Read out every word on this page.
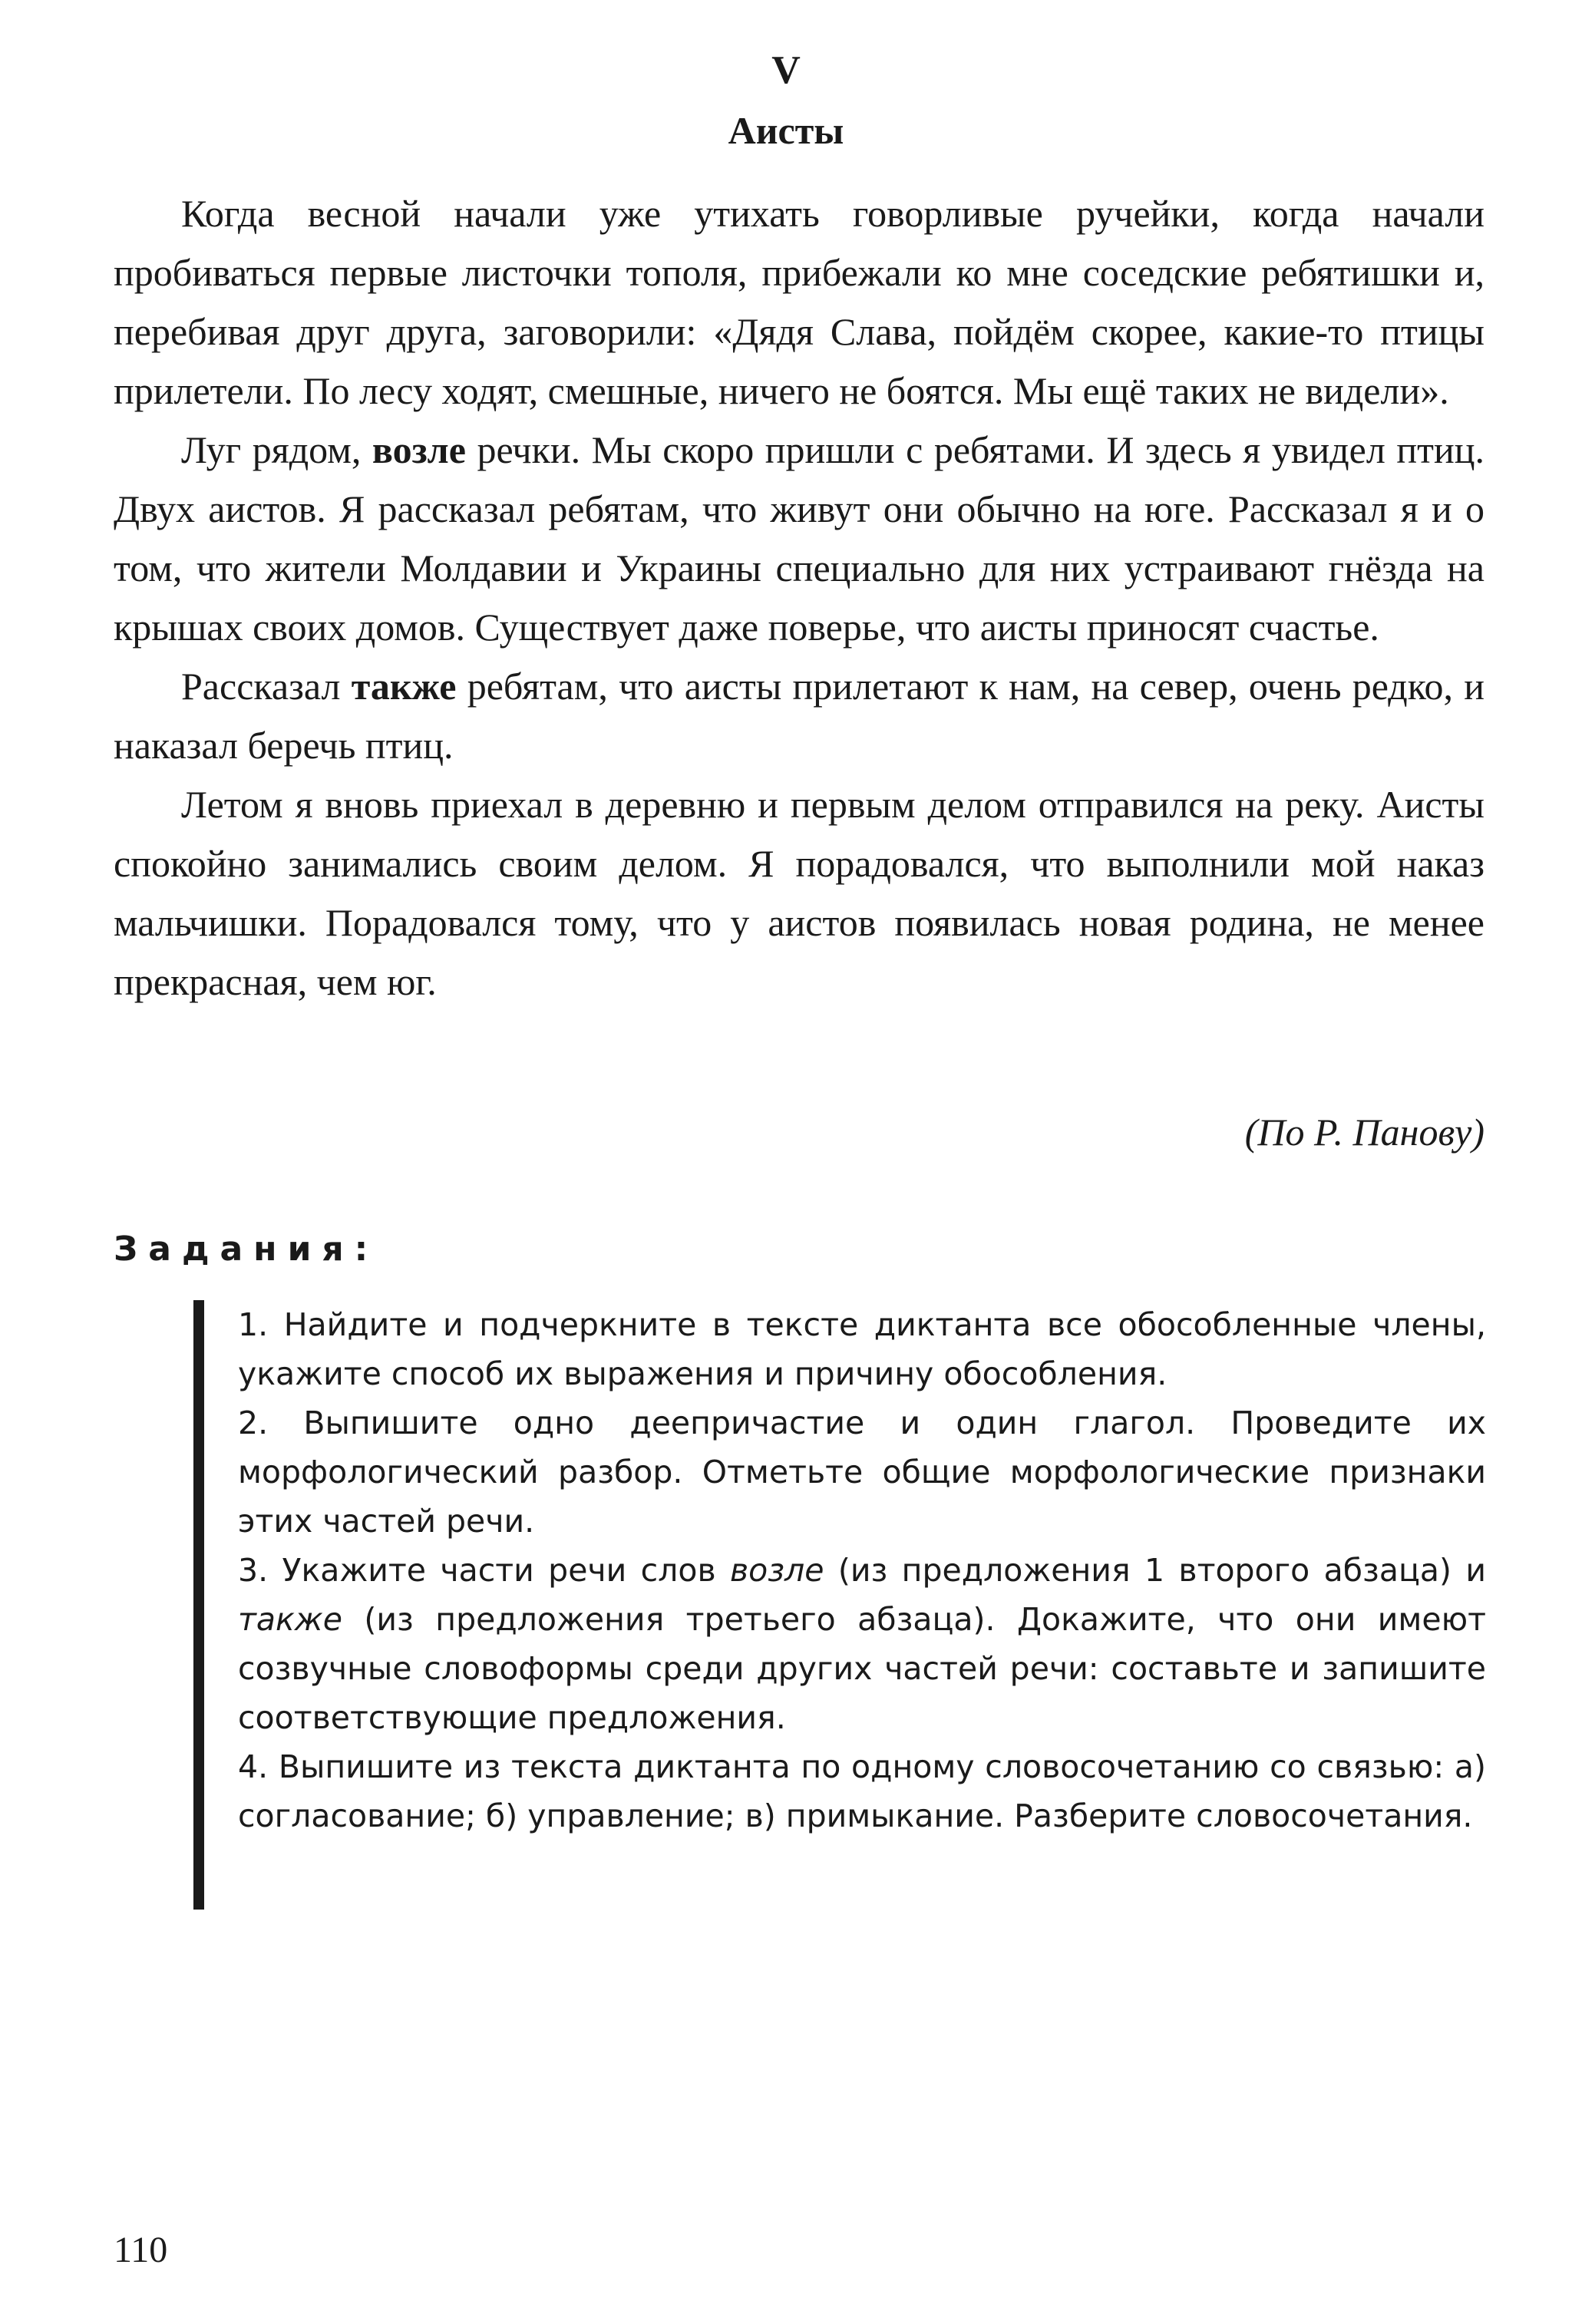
V
Аисты

Когда весной начали уже утихать говорливые ручейки, когда начали пробиваться первые листочки тополя, прибежали ко мне соседские ребятишки и, перебивая друг друга, заговорили: «Дядя Слава, пойдём скорее, какие-то птицы прилетели. По лесу ходят, смешные, ничего не боятся. Мы ещё таких не видели».

Луг рядом, возле речки. Мы скоро пришли с ребятами. И здесь я увидел птиц. Двух аистов. Я рассказал ребятам, что живут они обычно на юге. Рассказал я и о том, что жители Молдавии и Украины специально для них устраивают гнёзда на крышах своих домов. Существует даже поверье, что аисты приносят счастье.

Рассказал также ребятам, что аисты прилетают к нам, на север, очень редко, и наказал беречь птиц.

Летом я вновь приехал в деревню и первым делом отправился на реку. Аисты спокойно занимались своим делом. Я порадовался, что выполнили мой наказ мальчишки. Порадовался тому, что у аистов появилась новая родина, не менее прекрасная, чем юг.

(По Р. Панову)
Задания:

1. Найдите и подчеркните в тексте диктанта все обособленные члены, укажите способ их выражения и причину обособления.

2. Выпишите одно деепричастие и один глагол. Проведите их морфологический разбор. Отметьте общие морфологические признаки этих частей речи.

3. Укажите части речи слов возле (из предложения 1 второго абзаца) и также (из предложения третьего абзаца). Докажите, что они имеют созвучные словоформы среди других частей речи: составьте и запишите соответствующие предложения.

4. Выпишите из текста диктанта по одному словосочетанию со связью: а) согласование; б) управление; в) примыкание. Разберите словосочетания.

110
